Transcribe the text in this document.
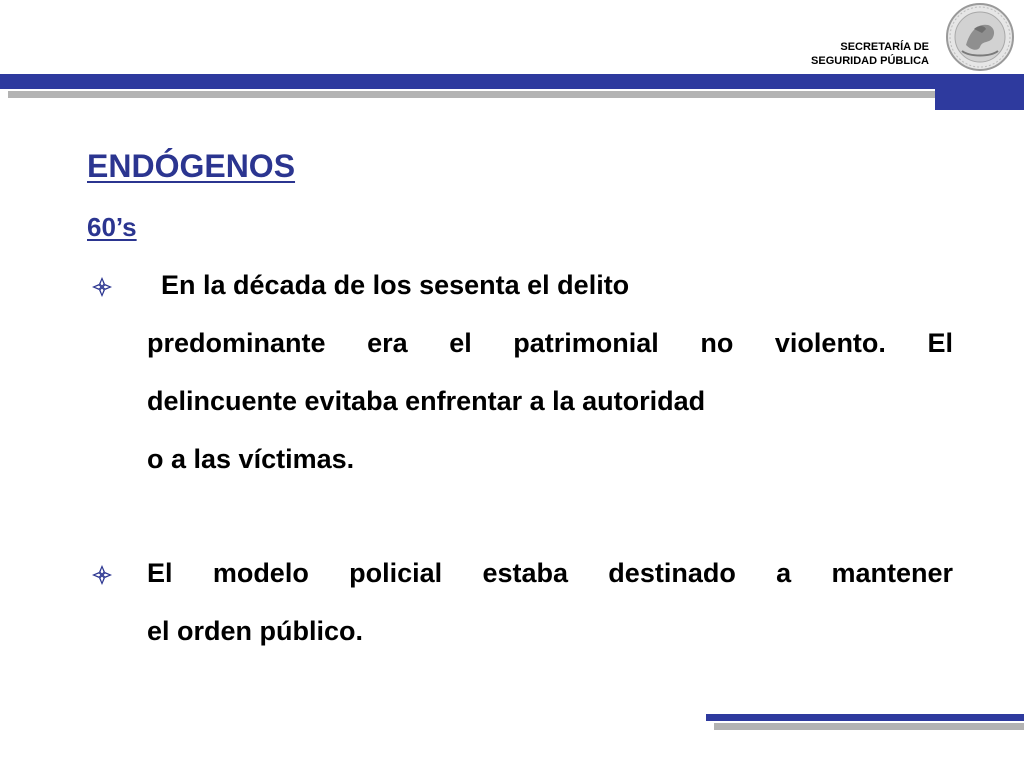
SECRETARÍA DE
SEGURIDAD PÚBLICA
ENDÓGENOS
60’s
En la década de los sesenta el delito
predominante era el patrimonial no violento. El
delincuente evitaba enfrentar a la autoridad
o a las víctimas.
El modelo policial estaba destinado a mantener
el orden público.
